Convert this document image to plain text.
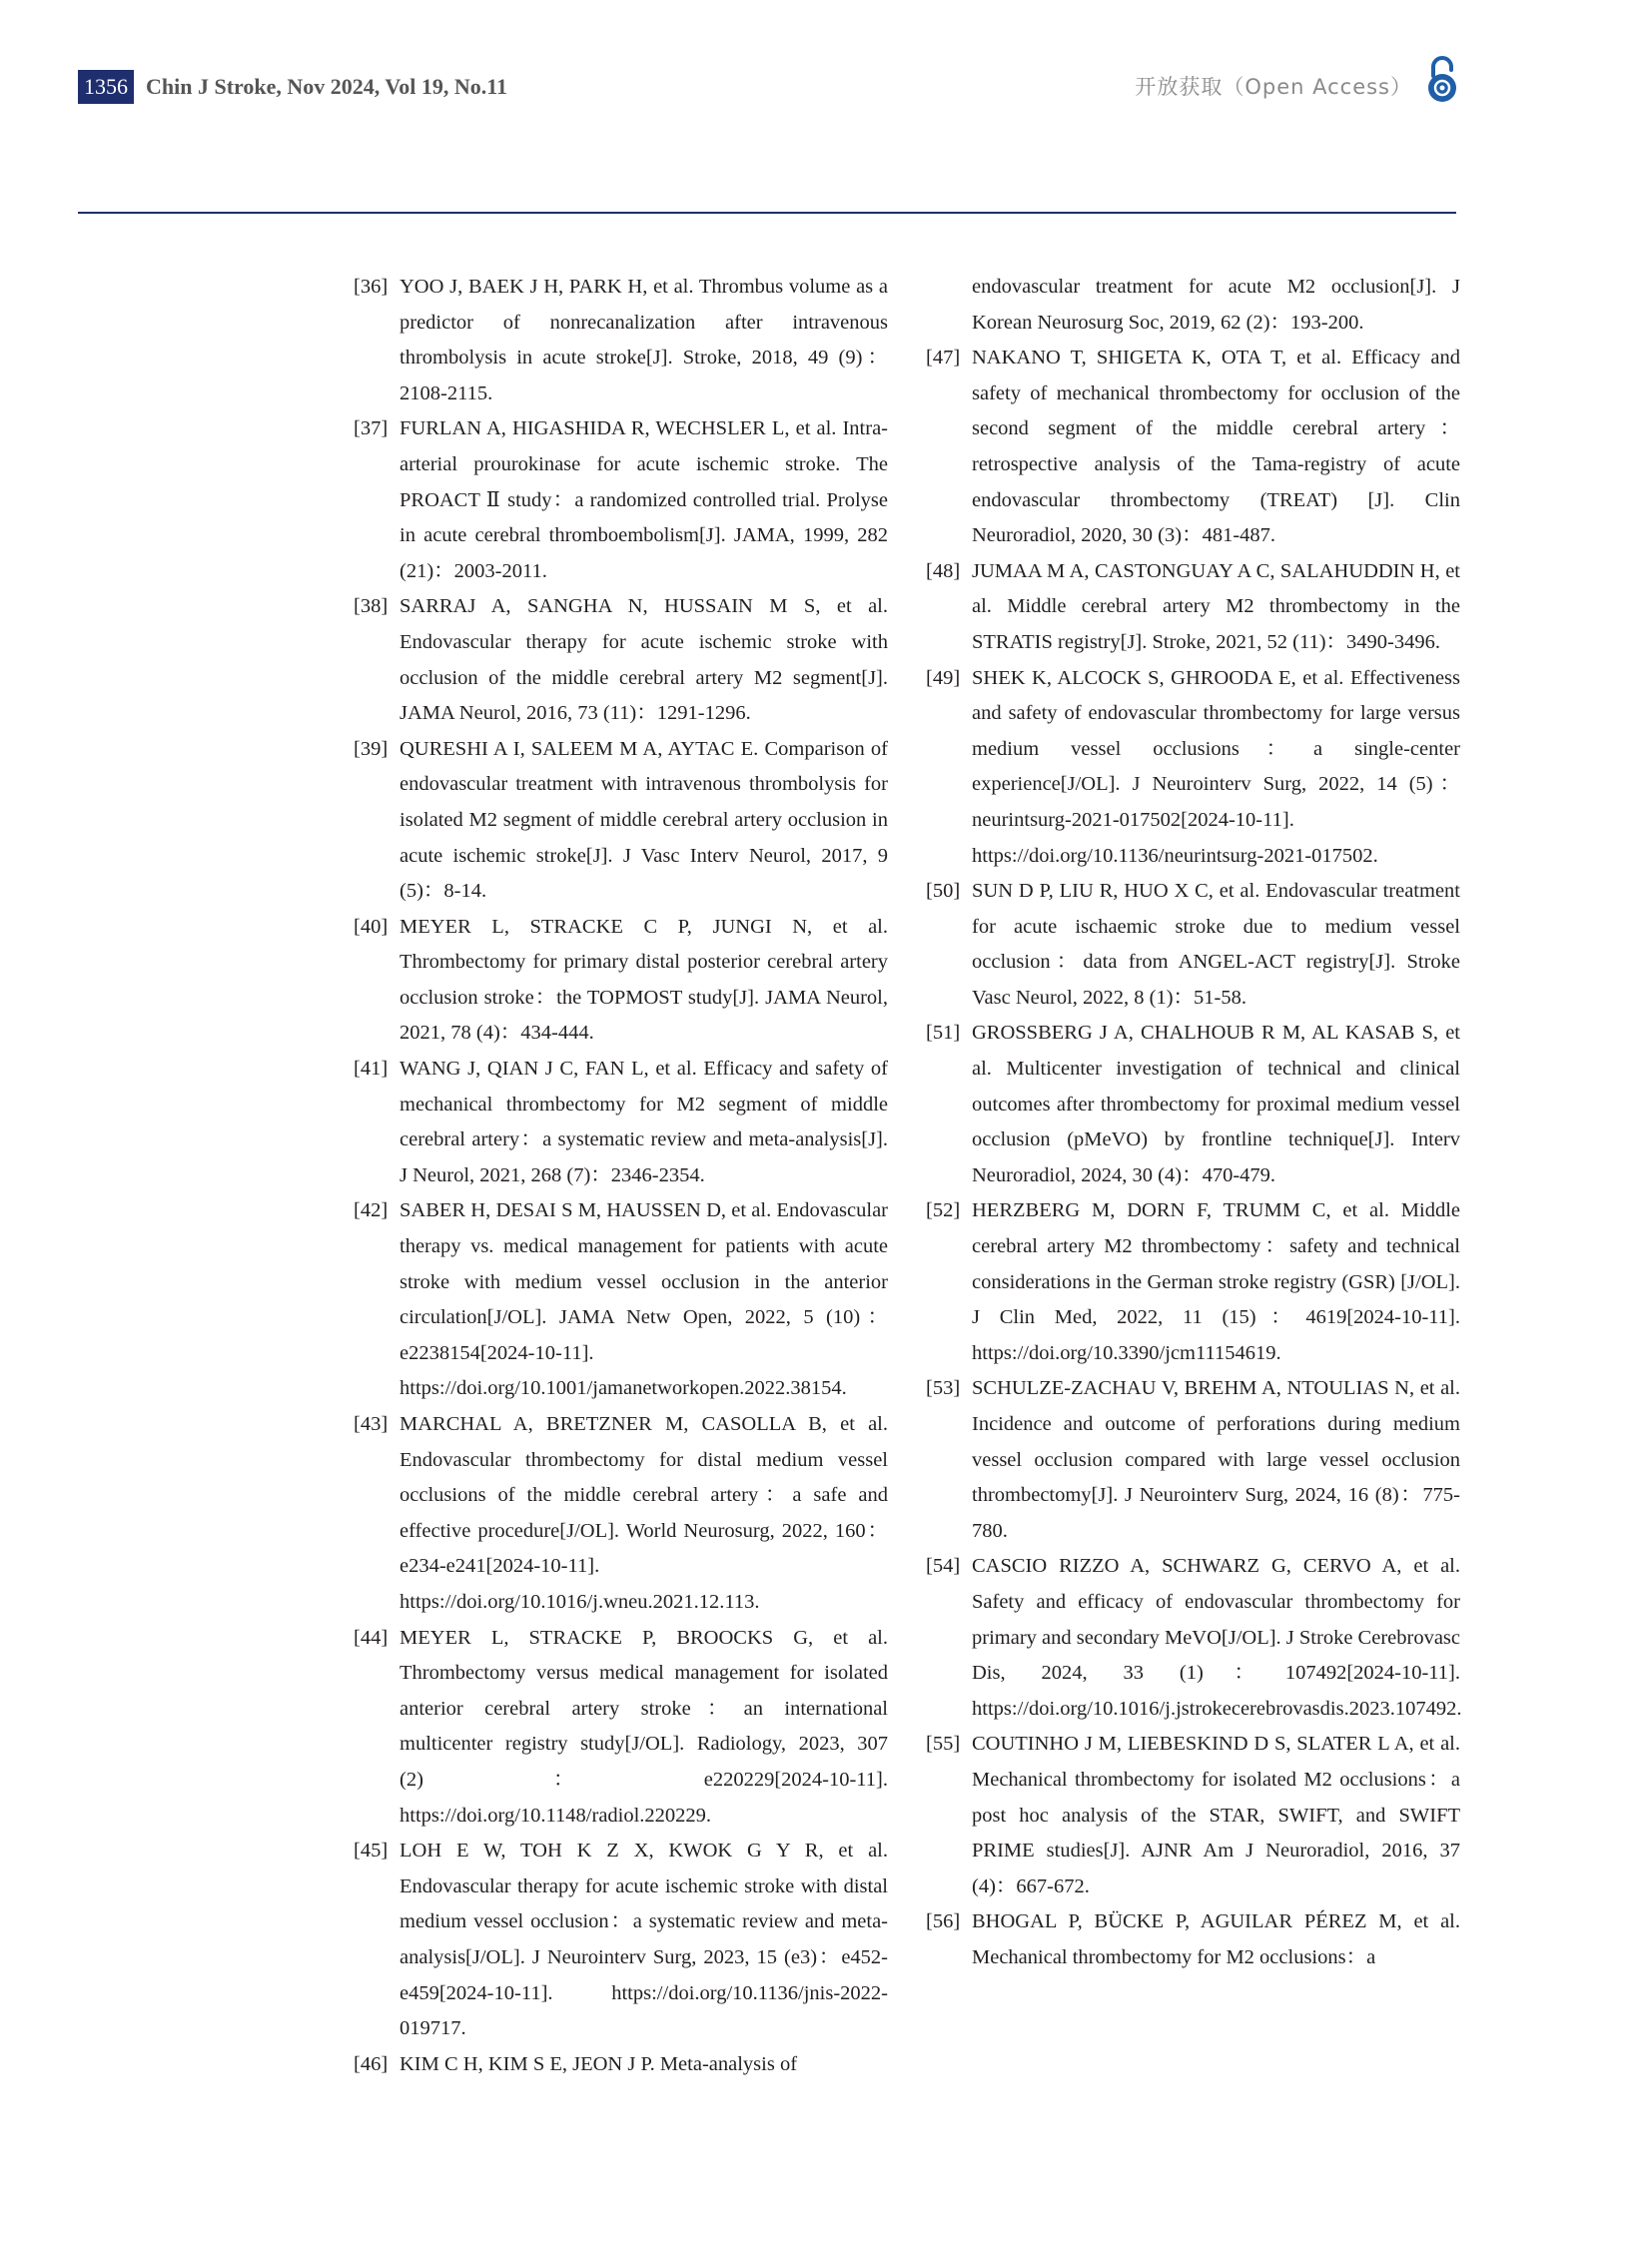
1356 Chin J Stroke, Nov 2024, Vol 19, No.11	开放获取（Open Access）
[36] YOO J, BAEK J H, PARK H, et al. Thrombus volume as a predictor of nonrecanalization after intravenous thrombolysis in acute stroke[J]. Stroke, 2018, 49 (9)：2108-2115.
[37] FURLAN A, HIGASHIDA R, WECHSLER L, et al. Intra-arterial prourokinase for acute ischemic stroke. The PROACT Ⅱ study：a randomized controlled trial. Prolyse in acute cerebral thromboembolism[J]. JAMA, 1999, 282 (21)：2003-2011.
[38] SARRAJ A, SANGHA N, HUSSAIN M S, et al. Endovascular therapy for acute ischemic stroke with occlusion of the middle cerebral artery M2 segment[J]. JAMA Neurol, 2016, 73 (11)：1291-1296.
[39] QURESHI A I, SALEEM M A, AYTAC E. Comparison of endovascular treatment with intravenous thrombolysis for isolated M2 segment of middle cerebral artery occlusion in acute ischemic stroke[J]. J Vasc Interv Neurol, 2017, 9 (5)：8-14.
[40] MEYER L, STRACKE C P, JUNGI N, et al. Thrombectomy for primary distal posterior cerebral artery occlusion stroke：the TOPMOST study[J]. JAMA Neurol, 2021, 78 (4)：434-444.
[41] WANG J, QIAN J C, FAN L, et al. Efficacy and safety of mechanical thrombectomy for M2 segment of middle cerebral artery：a systematic review and meta-analysis[J]. J Neurol, 2021, 268 (7)：2346-2354.
[42] SABER H, DESAI S M, HAUSSEN D, et al. Endovascular therapy vs. medical management for patients with acute stroke with medium vessel occlusion in the anterior circulation[J/OL]. JAMA Netw Open, 2022, 5 (10)：e2238154[2024-10-11]. https://doi.org/10.1001/jamanetworkopen.2022.38154.
[43] MARCHAL A, BRETZNER M, CASOLLA B, et al. Endovascular thrombectomy for distal medium vessel occlusions of the middle cerebral artery：a safe and effective procedure[J/OL]. World Neurosurg, 2022, 160：e234-e241[2024-10-11]. https://doi.org/10.1016/j.wneu.2021.12.113.
[44] MEYER L, STRACKE P, BROOCKS G, et al. Thrombectomy versus medical management for isolated anterior cerebral artery stroke：an international multicenter registry study[J/OL]. Radiology, 2023, 307 (2)：e220229[2024-10-11]. https://doi.org/10.1148/radiol.220229.
[45] LOH E W, TOH K Z X, KWOK G Y R, et al. Endovascular therapy for acute ischemic stroke with distal medium vessel occlusion：a systematic review and meta-analysis[J/OL]. J Neurointerv Surg, 2023, 15 (e3)：e452-e459[2024-10-11]. https://doi.org/10.1136/jnis-2022-019717.
[46] KIM C H, KIM S E, JEON J P. Meta-analysis of
endovascular treatment for acute M2 occlusion[J]. J Korean Neurosurg Soc, 2019, 62 (2)：193-200.
[47] NAKANO T, SHIGETA K, OTA T, et al. Efficacy and safety of mechanical thrombectomy for occlusion of the second segment of the middle cerebral artery：retrospective analysis of the Tama-registry of acute endovascular thrombectomy (TREAT) [J]. Clin Neuroradiol, 2020, 30 (3)：481-487.
[48] JUMAA M A, CASTONGUAY A C, SALAHUDDIN H, et al. Middle cerebral artery M2 thrombectomy in the STRATIS registry[J]. Stroke, 2021, 52 (11)：3490-3496.
[49] SHEK K, ALCOCK S, GHROODA E, et al. Effectiveness and safety of endovascular thrombectomy for large versus medium vessel occlusions：a single-center experience[J/OL]. J Neurointerv Surg, 2022, 14 (5)：neurintsurg-2021-017502[2024-10-11]. https://doi.org/10.1136/neurintsurg-2021-017502.
[50] SUN D P, LIU R, HUO X C, et al. Endovascular treatment for acute ischaemic stroke due to medium vessel occlusion：data from ANGEL-ACT registry[J]. Stroke Vasc Neurol, 2022, 8 (1)：51-58.
[51] GROSSBERG J A, CHALHOUB R M, AL KASAB S, et al. Multicenter investigation of technical and clinical outcomes after thrombectomy for proximal medium vessel occlusion (pMeVO) by frontline technique[J]. Interv Neuroradiol, 2024, 30 (4)：470-479.
[52] HERZBERG M, DORN F, TRUMM C, et al. Middle cerebral artery M2 thrombectomy：safety and technical considerations in the German stroke registry (GSR) [J/OL]. J Clin Med, 2022, 11 (15)：4619[2024-10-11]. https://doi.org/10.3390/jcm11154619.
[53] SCHULZE-ZACHAU V, BREHM A, NTOULIAS N, et al. Incidence and outcome of perforations during medium vessel occlusion compared with large vessel occlusion thrombectomy[J]. J Neurointerv Surg, 2024, 16 (8)：775-780.
[54] CASCIO RIZZO A, SCHWARZ G, CERVO A, et al. Safety and efficacy of endovascular thrombectomy for primary and secondary MeVO[J/OL]. J Stroke Cerebrovasc Dis, 2024, 33 (1)：107492[2024-10-11]. https://doi.org/10.1016/j.jstrokecerebrovasdis.2023.107492.
[55] COUTINHO J M, LIEBESKIND D S, SLATER L A, et al. Mechanical thrombectomy for isolated M2 occlusions：a post hoc analysis of the STAR, SWIFT, and SWIFT PRIME studies[J]. AJNR Am J Neuroradiol, 2016, 37 (4)：667-672.
[56] BHOGAL P, BÜCKE P, AGUILAR PÉREZ M, et al. Mechanical thrombectomy for M2 occlusions：a
